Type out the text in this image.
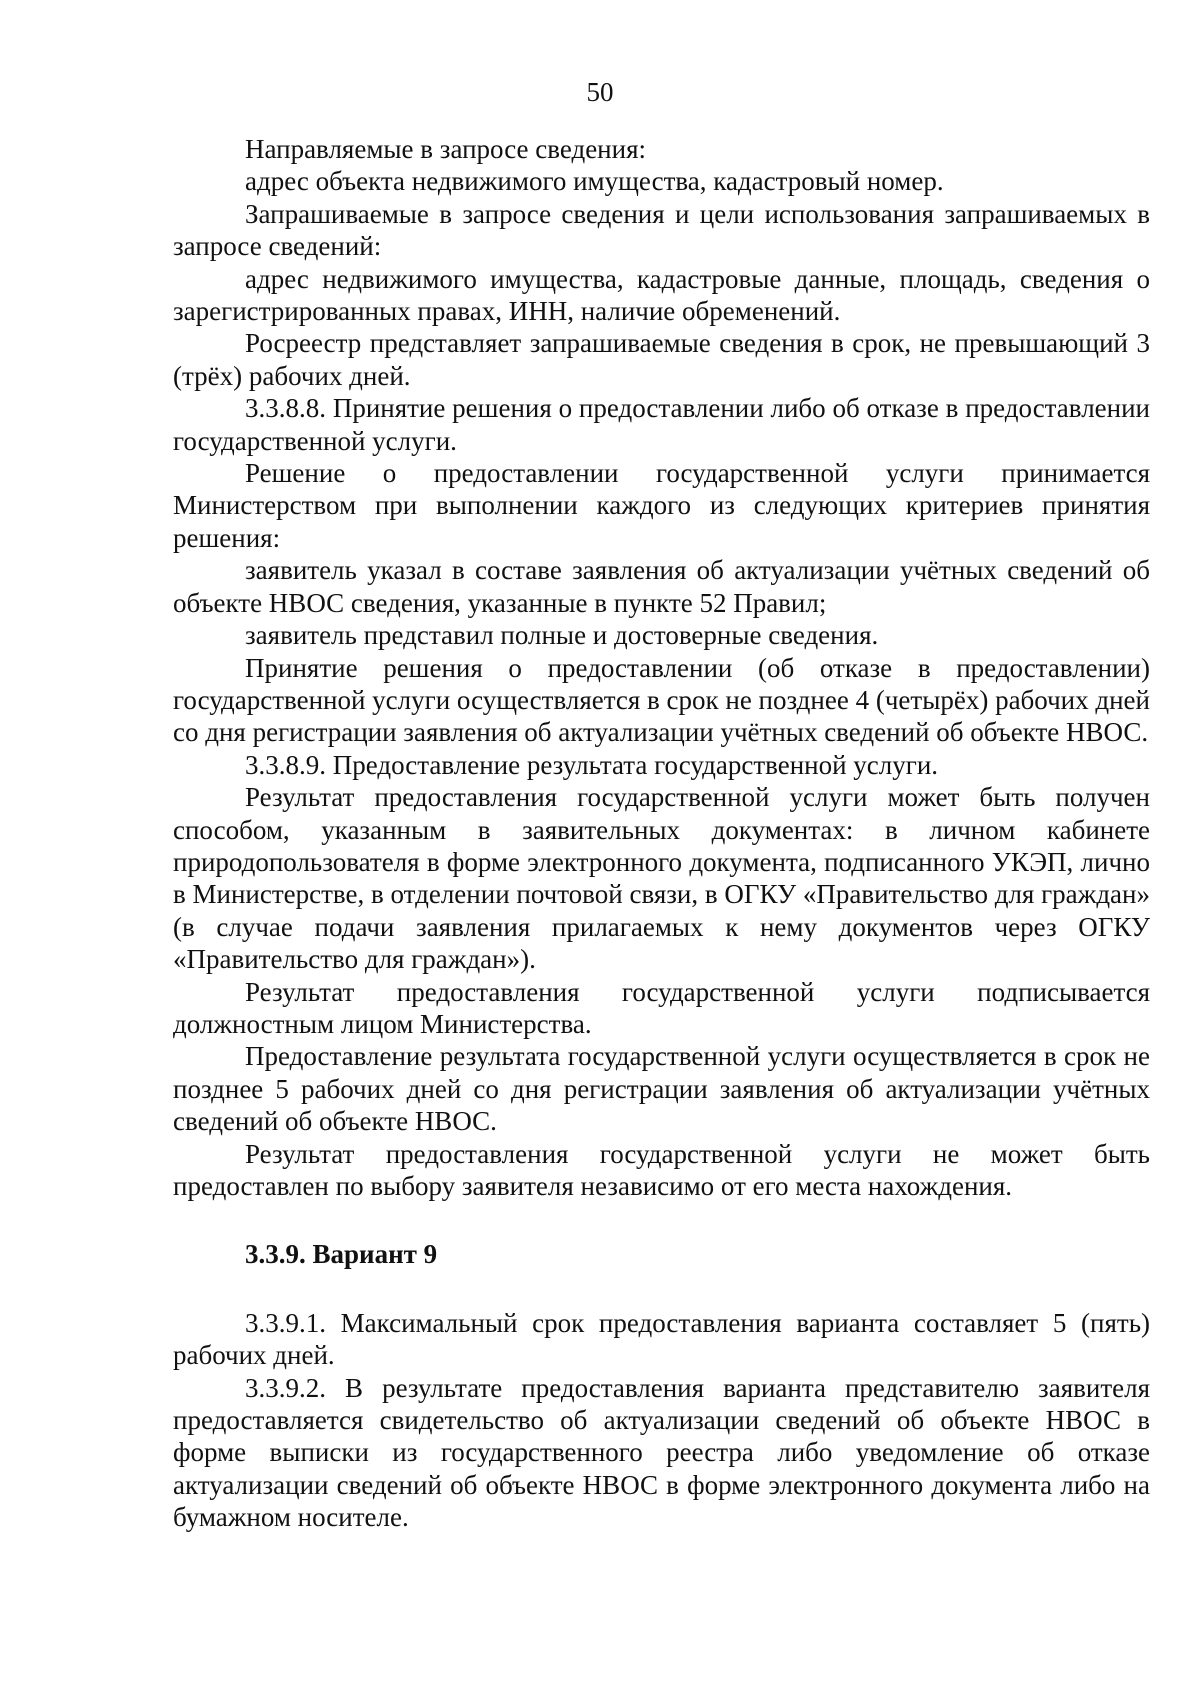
50

Направляемые в запросе сведения:

адрес объекта недвижимого имущества, кадастровый номер.

Запрашиваемые в запросе сведения и цели использования запрашиваемых в запросе сведений:

адрес недвижимого имущества, кадастровые данные, площадь, сведения о зарегистрированных правах, ИНН, наличие обременений.

Росреестр представляет запрашиваемые сведения в срок, не превышающий 3 (трёх) рабочих дней.

3.3.8.8. Принятие решения о предоставлении либо об отказе в предоставлении государственной услуги.

Решение о предоставлении государственной услуги принимается Министерством при выполнении каждого из следующих критериев принятия решения:

заявитель указал в составе заявления об актуализации учётных сведений об объекте НВОС сведения, указанные в пункте 52 Правил;

заявитель представил полные и достоверные сведения.

Принятие решения о предоставлении (об отказе в предоставлении) государственной услуги осуществляется в срок не позднее 4 (четырёх) рабочих дней со дня регистрации заявления об актуализации учётных сведений об объекте НВОС.

3.3.8.9. Предоставление результата государственной услуги.

Результат предоставления государственной услуги может быть получен способом, указанным в заявительных документах: в личном кабинете природопользователя в форме электронного документа, подписанного УКЭП, лично в Министерстве, в отделении почтовой связи, в ОГКУ «Правительство для граждан» (в случае подачи заявления прилагаемых к нему документов через ОГКУ «Правительство для граждан»).

Результат предоставления государственной услуги подписывается должностным лицом Министерства.

Предоставление результата государственной услуги осуществляется в срок не позднее 5 рабочих дней со дня регистрации заявления об актуализации учётных сведений об объекте НВОС.

Результат предоставления государственной услуги не может быть предоставлен по выбору заявителя независимо от его места нахождения.

3.3.9. Вариант 9

3.3.9.1. Максимальный срок предоставления варианта составляет 5 (пять) рабочих дней.

3.3.9.2. В результате предоставления варианта представителю заявителя предоставляется свидетельство об актуализации сведений об объекте НВОС в форме выписки из государственного реестра либо уведомление об отказе актуализации сведений об объекте НВОС в форме электронного документа либо на бумажном носителе.
